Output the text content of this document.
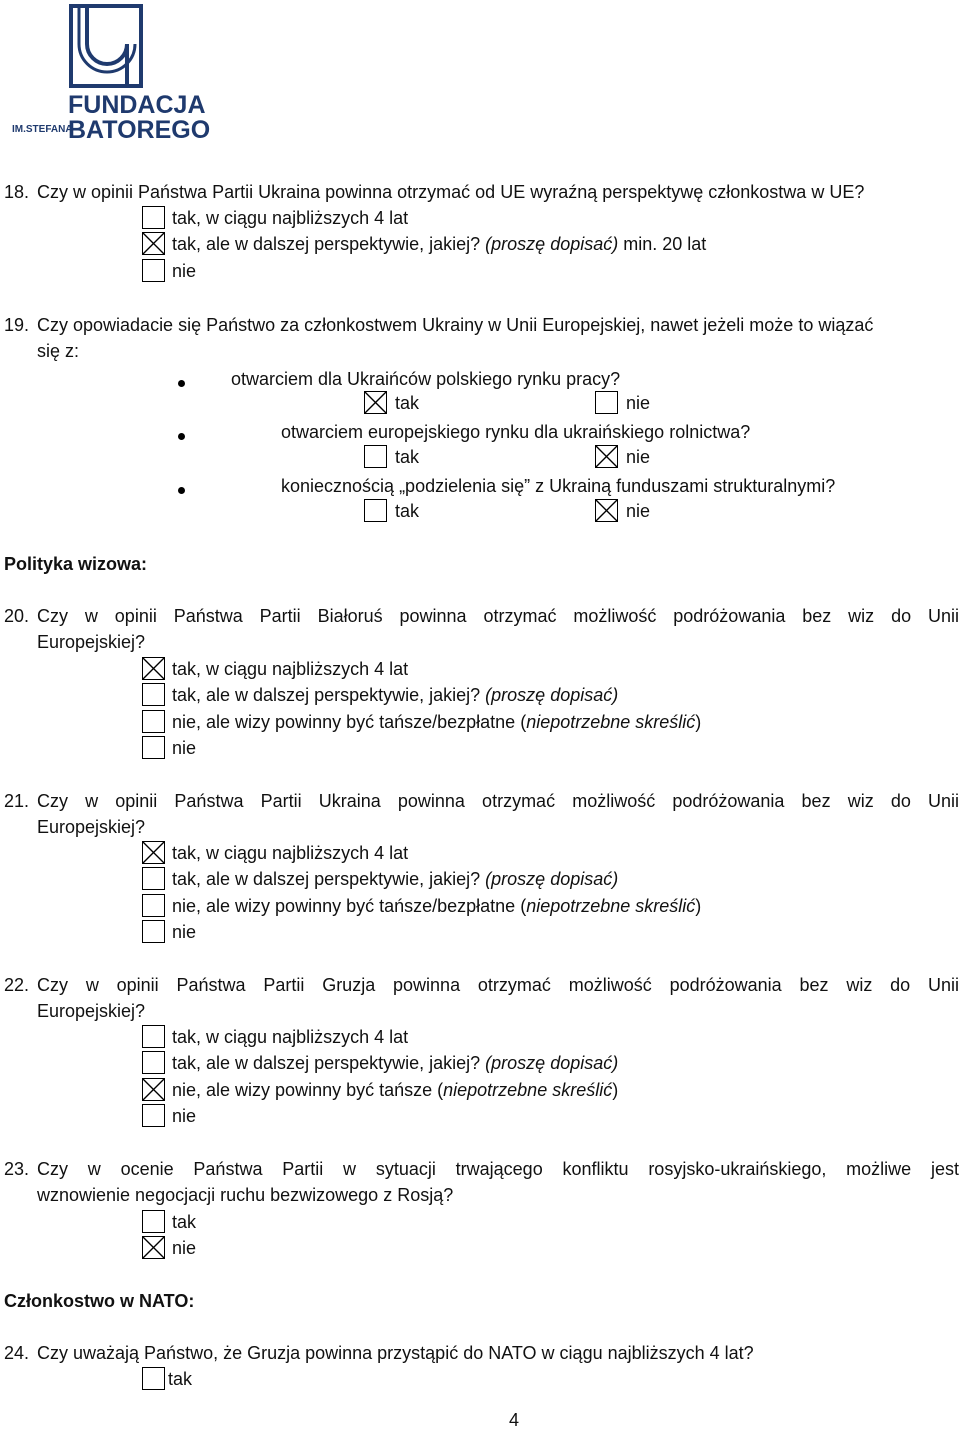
FUNDACJA
IM.STEFANA
BATOREGO
18. Czy w opinii Państwa Partii Ukraina powinna otrzymać od UE wyraźną perspektywę członkostwa w UE?
tak, w ciągu najbliższych 4 lat
tak, ale w dalszej perspektywie, jakiej? (proszę dopisać) min. 20 lat
nie
19. Czy opowiadacie się Państwo za członkostwem Ukrainy w Unii Europejskiej, nawet jeżeli może to wiązać
się z:
otwarciem dla Ukraińców polskiego rynku pracy?
tak	nie
otwarciem europejskiego rynku dla ukraińskiego rolnictwa?
tak	nie
koniecznością „podzielenia się” z Ukrainą funduszami strukturalnymi?
tak	nie
Polityka wizowa:
20. Czy w opinii Państwa Partii Białoruś powinna otrzymać możliwość podróżowania bez wiz do Unii
Europejskiej?
tak, w ciągu najbliższych 4 lat
tak, ale w dalszej perspektywie, jakiej? (proszę dopisać)
nie, ale wizy powinny być tańsze/bezpłatne (niepotrzebne skreślić)
nie
21. Czy w opinii Państwa Partii Ukraina powinna otrzymać możliwość podróżowania bez wiz do Unii
Europejskiej?
tak, w ciągu najbliższych 4 lat
tak, ale w dalszej perspektywie, jakiej? (proszę dopisać)
nie, ale wizy powinny być tańsze/bezpłatne (niepotrzebne skreślić)
nie
22. Czy w opinii Państwa Partii Gruzja powinna otrzymać możliwość podróżowania bez wiz do Unii
Europejskiej?
tak, w ciągu najbliższych 4 lat
tak, ale w dalszej perspektywie, jakiej? (proszę dopisać)
nie, ale wizy powinny być tańsze (niepotrzebne skreślić)
nie
23. Czy w ocenie Państwa Partii w sytuacji trwającego konfliktu rosyjsko-ukraińskiego, możliwe jest
wznowienie negocjacji ruchu bezwizowego z Rosją?
tak
nie
Członkostwo w NATO:
24. Czy uważają Państwo, że Gruzja powinna przystąpić do NATO w ciągu najbliższych 4 lat?
tak
4
